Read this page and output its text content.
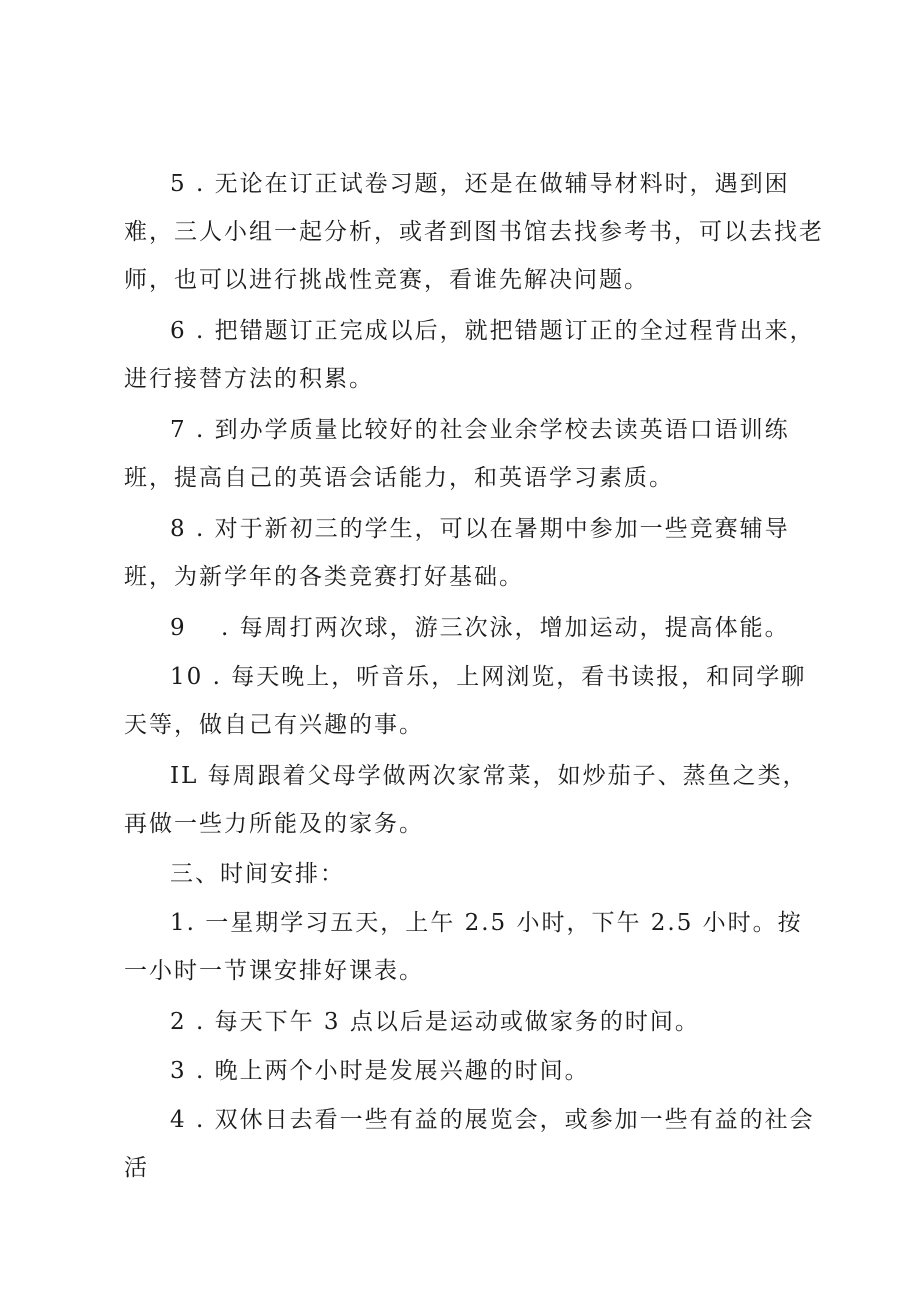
5 . 无论在订正试卷习题，还是在做辅导材料时，遇到困难，三人小组一起分析，或者到图书馆去找参考书，可以去找老师，也可以进行挑战性竞赛，看谁先解决问题。

6 . 把错题订正完成以后，就把错题订正的全过程背出来，进行接替方法的积累。

7 . 到办学质量比较好的社会业余学校去读英语口语训练班，提高自己的英语会话能力，和英语学习素质。

8 . 对于新初三的学生，可以在暑期中参加一些竞赛辅导班，为新学年的各类竞赛打好基础。

9　 . 每周打两次球，游三次泳，增加运动，提高体能。

10 . 每天晚上，听音乐，上网浏览，看书读报，和同学聊天等，做自己有兴趣的事。

IL 每周跟着父母学做两次家常菜，如炒茄子、蒸鱼之类，再做一些力所能及的家务。

三、时间安排：

1. 一星期学习五天，上午 2.5 小时，下午 2.5 小时。按一小时一节课安排好课表。

2 . 每天下午 3 点以后是运动或做家务的时间。

3 . 晚上两个小时是发展兴趣的时间。

4 . 双休日去看一些有益的展览会，或参加一些有益的社会活
